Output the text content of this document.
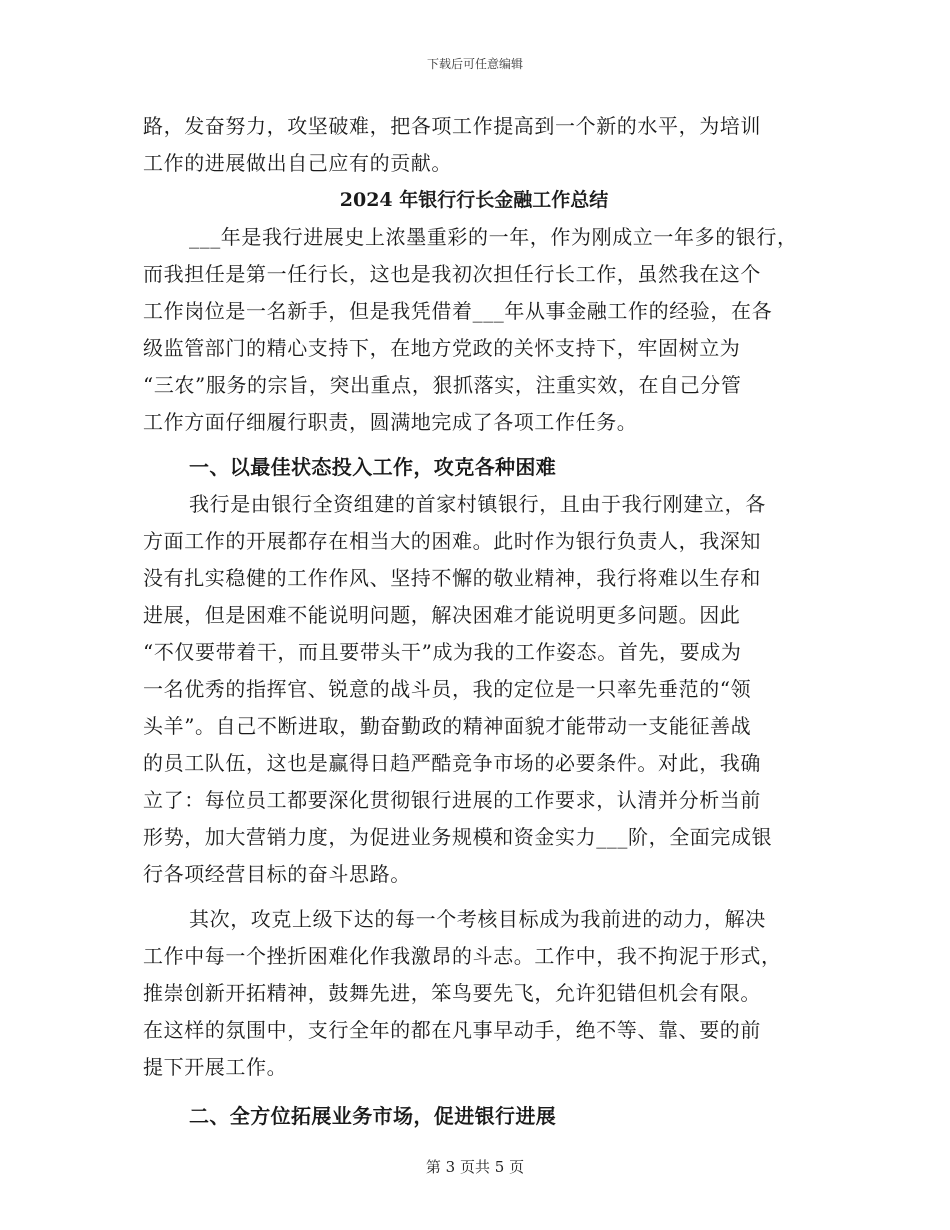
下载后可任意编辑
路，发奋努力，攻坚破难，把各项工作提高到一个新的水平，为培训
工作的进展做出自己应有的贡献。
2024 年银行行长金融工作总结
___年是我行进展史上浓墨重彩的一年，作为刚成立一年多的银行，
而我担任是第一任行长，这也是我初次担任行长工作，虽然我在这个
工作岗位是一名新手，但是我凭借着___年从事金融工作的经验，在各
级监管部门的精心支持下，在地方党政的关怀支持下，牢固树立为
“三农”服务的宗旨，突出重点，狠抓落实，注重实效，在自己分管
工作方面仔细履行职责，圆满地完成了各项工作任务。
一、以最佳状态投入工作，攻克各种困难
我行是由银行全资组建的首家村镇银行，且由于我行刚建立，各
方面工作的开展都存在相当大的困难。此时作为银行负责人，我深知
没有扎实稳健的工作作风、坚持不懈的敬业精神，我行将难以生存和
进展，但是困难不能说明问题，解决困难才能说明更多问题。因此
“不仅要带着干，而且要带头干”成为我的工作姿态。首先，要成为
一名优秀的指挥官、锐意的战斗员，我的定位是一只率先垂范的“领
头羊”。自己不断进取，勤奋勤政的精神面貌才能带动一支能征善战
的员工队伍，这也是赢得日趋严酷竞争市场的必要条件。对此，我确
立了：每位员工都要深化贯彻银行进展的工作要求，认清并分析当前
形势，加大营销力度，为促进业务规模和资金实力___阶，全面完成银
行各项经营目标的奋斗思路。
其次，攻克上级下达的每一个考核目标成为我前进的动力，解决
工作中每一个挫折困难化作我激昂的斗志。工作中，我不拘泥于形式，
推崇创新开拓精神，鼓舞先进，笨鸟要先飞，允许犯错但机会有限。
在这样的氛围中，支行全年的都在凡事早动手，绝不等、靠、要的前
提下开展工作。
二、全方位拓展业务市场，促进银行进展
第 3 页共 5 页
